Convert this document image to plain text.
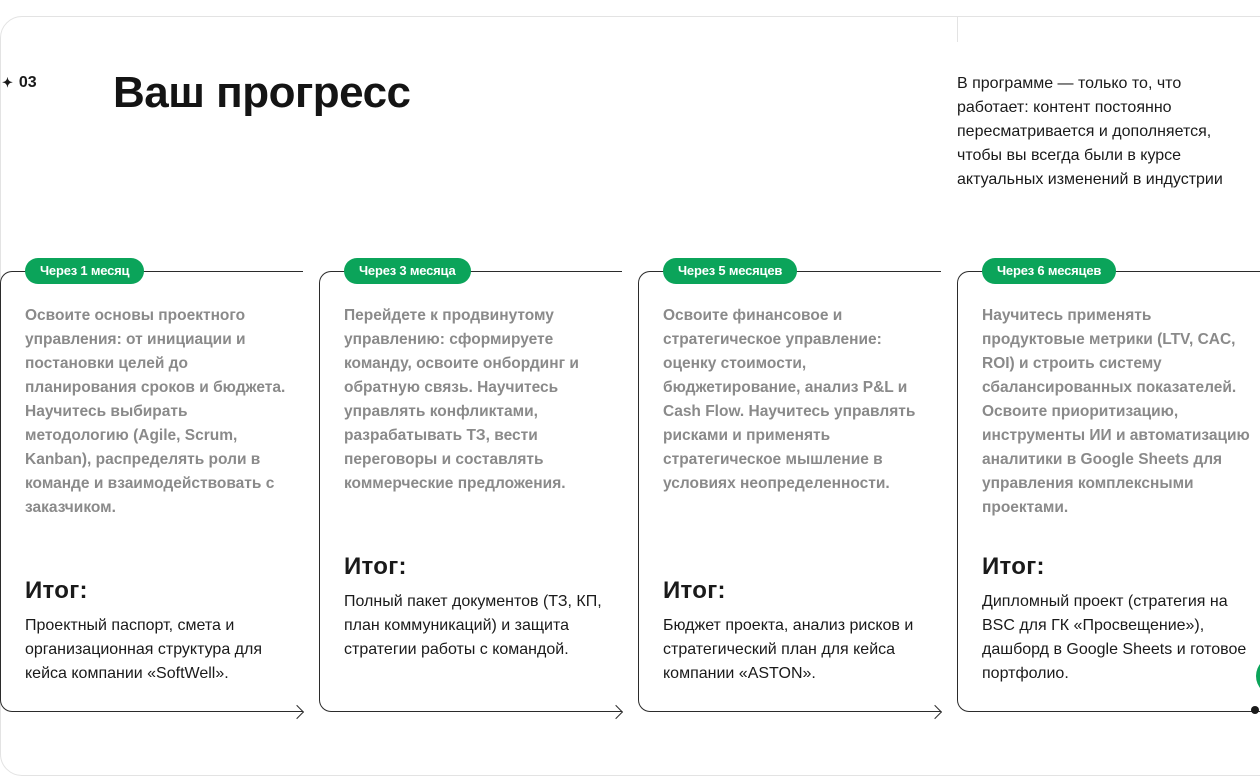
✦ 03 Ваш прогресс	В программе — только то, что работает: контент постоянно пересматривается и дополняется, чтобы вы всегда были в курсе актуальных изменений в индустрии
Через 1 месяц
Освоите основы проектного управления: от инициации и постановки целей до планирования сроков и бюджета. Научитесь выбирать методологию (Agile, Scrum, Kanban), распределять роли в команде и взаимодействовать с заказчиком.
Итог:
Проектный паспорт, смета и организационная структура для кейса компании «SoftWell».
Через 3 месяца
Перейдете к продвинутому управлению: сформируете команду, освоите онбординг и обратную связь. Научитесь управлять конфликтами, разрабатывать ТЗ, вести переговоры и составлять коммерческие предложения.
Итог:
Полный пакет документов (ТЗ, КП, план коммуникаций) и защита стратегии работы с командой.
Через 5 месяцев
Освоите финансовое и стратегическое управление: оценку стоимости, бюджетирование, анализ P&L и Cash Flow. Научитесь управлять рисками и применять стратегическое мышление в условиях неопределенности.
Итог:
Бюджет проекта, анализ рисков и стратегический план для кейса компании «ASTON».
Через 6 месяцев
Научитесь применять продуктовые метрики (LTV, CAC, ROI) и строить систему сбалансированных показателей. Освоите приоритизацию, инструменты ИИ и автоматизацию аналитики в Google Sheets для управления комплексными проектами.
Итог:
Дипломный проект (стратегия на BSC для ГК «Просвещение»), дашборд в Google Sheets и готовое портфолио.
